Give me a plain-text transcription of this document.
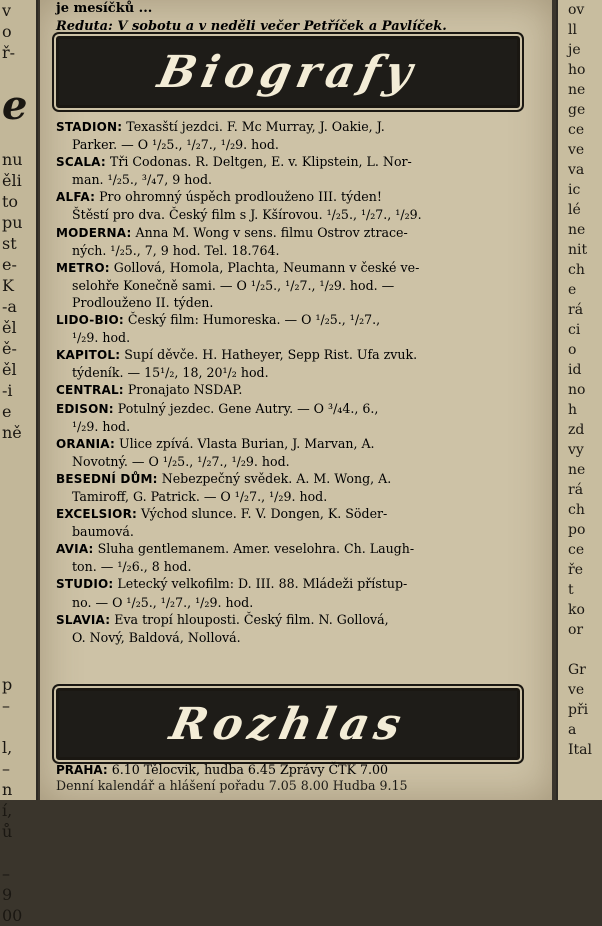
v
o
ř-

e

nu
ěli
to
pu
st
e-
K
-a
ěl
ě-
ěl
-i
e
ně

p
–

l,
–
n
í,
ů

–
9
00
ov
ll
je
ho
ne
ge
ce
ve
va
ic
lé
ne
nit
ch
e
rá
ci
o
id
no
h
zd
vy
ne
rá
ch
po
ce
ře
t
ko
or

Gr
ve
při
a
Ital
je mesíčků ...
Reduta: V sobotu a v neděli večer Petříček a Pavlíček.
Biografy
STADION: Texasští jezdci. F. Mc Murray, J. Oakie, J.
Parker. — O ¹/₂5., ¹/₂7., ¹/₂9. hod.
SCALA: Tři Codonas. R. Deltgen, E. v. Klipstein, L. Nor-
man. ¹/₂5., ³/₄7, 9 hod.
ALFA: Pro ohromný úspěch prodlouženo III. týden!
Štěstí pro dva. Český film s J. Kšírovou. ¹/₂5., ¹/₂7., ¹/₂9.
MODERNA: Anna M. Wong v sens. filmu Ostrov ztrace-
ných. ¹/₂5., 7, 9 hod. Tel. 18.764.
METRO: Gollová, Homola, Plachta, Neumann v české ve-
selohře Konečně sami. — O ¹/₂5., ¹/₂7., ¹/₂9. hod. —
Prodlouženo II. týden.
LIDO-BIO: Český film: Humoreska. — O ¹/₂5., ¹/₂7.,
¹/₂9. hod.
KAPITOL: Supí děvče. H. Hatheyer, Sepp Rist. Ufa zvuk.
týdeník. — 15¹/₂, 18, 20¹/₂ hod.
CENTRAL: Pronajato NSDAP.
EDISON: Potulný jezdec. Gene Autry. — O ³/₄4., 6.,
¹/₂9. hod.
ORANIA: Ulice zpívá. Vlasta Burian, J. Marvan, A.
Novotný. — O ¹/₂5., ¹/₂7., ¹/₂9. hod.
BESEDNÍ DŮM: Nebezpečný svědek. A. M. Wong, A.
Tamiroff, G. Patrick. — O ¹/₂7., ¹/₂9. hod.
EXCELSIOR: Východ slunce. F. V. Dongen, K. Söder-
baumová.
AVIA: Sluha gentlemanem. Amer. veselohra. Ch. Laugh-
ton. — ¹/₂6., 8 hod.
STUDIO: Letecký velkofilm: D. III. 88. Mládeži přístup-
no. — O ¹/₂5., ¹/₂7., ¹/₂9. hod.
SLAVIA: Eva tropí hlouposti. Český film. N. Gollová,
O. Nový, Baldová, Nollová.
Rozhlas
PRAHA: 6.10 Tělocvik, hudba 6.45 Zprávy ČTK 7.00
Denní kalendář a hlášení pořadu 7.05 8.00 Hudba 9.15
